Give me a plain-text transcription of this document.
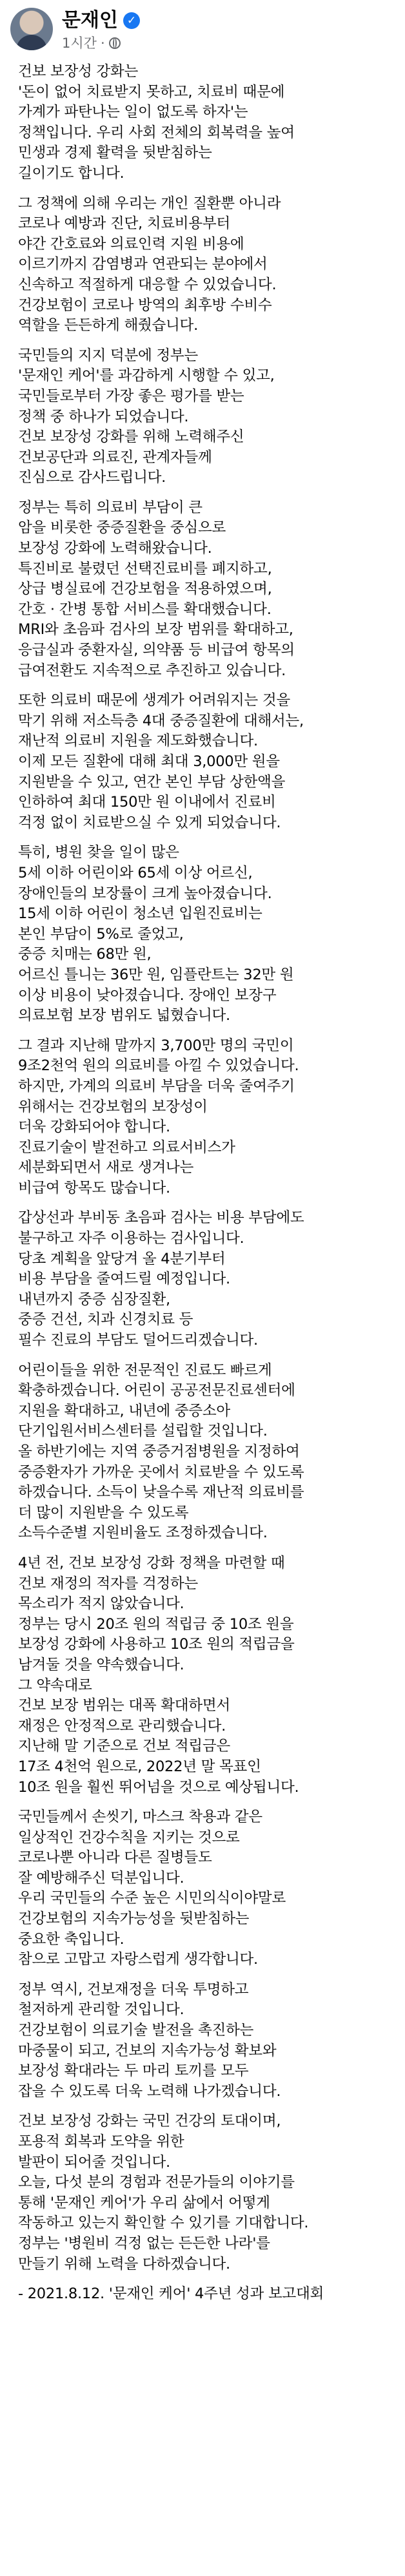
문재인 ✓
1시간 ·
건보 보장성 강화는
'돈이 없어 치료받지 못하고, 치료비 때문에
가계가 파탄나는 일이 없도록 하자'는
정책입니다. 우리 사회 전체의 회복력을 높여
민생과 경제 활력을 뒷받침하는
길이기도 합니다.
그 정책에 의해 우리는 개인 질환뿐 아니라
코로나 예방과 진단, 치료비용부터
야간 간호료와 의료인력 지원 비용에
이르기까지 감염병과 연관되는 분야에서
신속하고 적절하게 대응할 수 있었습니다.
건강보험이 코로나 방역의 최후방 수비수
역할을 든든하게 해줬습니다.
국민들의 지지 덕분에 정부는
'문재인 케어'를 과감하게 시행할 수 있고,
국민들로부터 가장 좋은 평가를 받는
정책 중 하나가 되었습니다.
건보 보장성 강화를 위해 노력해주신
건보공단과 의료진, 관계자들께
진심으로 감사드립니다.
정부는 특히 의료비 부담이 큰
암을 비롯한 중증질환을 중심으로
보장성 강화에 노력해왔습니다.
특진비로 불렸던 선택진료비를 폐지하고,
상급 병실료에 건강보험을 적용하였으며,
간호 · 간병 통합 서비스를 확대했습니다.
MRI와 초음파 검사의 보장 범위를 확대하고,
응급실과 중환자실, 의약품 등 비급여 항목의
급여전환도 지속적으로 추진하고 있습니다.
또한 의료비 때문에 생계가 어려워지는 것을
막기 위해 저소득층 4대 중증질환에 대해서는,
재난적 의료비 지원을 제도화했습니다.
이제 모든 질환에 대해 최대 3,000만 원을
지원받을 수 있고, 연간 본인 부담 상한액을
인하하여 최대 150만 원 이내에서 진료비
걱정 없이 치료받으실 수 있게 되었습니다.
특히, 병원 찾을 일이 많은
5세 이하 어린이와 65세 이상 어르신,
장애인들의 보장률이 크게 높아졌습니다.
15세 이하 어린이 청소년 입원진료비는
본인 부담이 5%로 줄었고,
중증 치매는 68만 원,
어르신 틀니는 36만 원, 임플란트는 32만 원
이상 비용이 낮아졌습니다. 장애인 보장구
의료보험 보장 범위도 넓혔습니다.
그 결과 지난해 말까지 3,700만 명의 국민이
9조2천억 원의 의료비를 아낄 수 있었습니다.
하지만, 가계의 의료비 부담을 더욱 줄여주기
위해서는 건강보험의 보장성이
더욱 강화되어야 합니다.
진료기술이 발전하고 의료서비스가
세분화되면서 새로 생겨나는
비급여 항목도 많습니다.
갑상선과 부비동 초음파 검사는 비용 부담에도
불구하고 자주 이용하는 검사입니다.
당초 계획을 앞당겨 올 4분기부터
비용 부담을 줄여드릴 예정입니다.
내년까지 중증 심장질환,
중증 건선, 치과 신경치료 등
필수 진료의 부담도 덜어드리겠습니다.
어린이들을 위한 전문적인 진료도 빠르게
확충하겠습니다. 어린이 공공전문진료센터에
지원을 확대하고, 내년에 중증소아
단기입원서비스센터를 설립할 것입니다.
올 하반기에는 지역 중증거점병원을 지정하여
중증환자가 가까운 곳에서 치료받을 수 있도록
하겠습니다. 소득이 낮을수록 재난적 의료비를
더 많이 지원받을 수 있도록
소득수준별 지원비율도 조정하겠습니다.
4년 전, 건보 보장성 강화 정책을 마련할 때
건보 재정의 적자를 걱정하는
목소리가 적지 않았습니다.
정부는 당시 20조 원의 적립금 중 10조 원을
보장성 강화에 사용하고 10조 원의 적립금을
남겨둘 것을 약속했습니다.
그 약속대로
건보 보장 범위는 대폭 확대하면서
재정은 안정적으로 관리했습니다.
지난해 말 기준으로 건보 적립금은
17조 4천억 원으로, 2022년 말 목표인
10조 원을 훨씬 뛰어넘을 것으로 예상됩니다.
국민들께서 손씻기, 마스크 착용과 같은
일상적인 건강수칙을 지키는 것으로
코로나뿐 아니라 다른 질병들도
잘 예방해주신 덕분입니다.
우리 국민들의 수준 높은 시민의식이야말로
건강보험의 지속가능성을 뒷받침하는
중요한 축입니다.
참으로 고맙고 자랑스럽게 생각합니다.
정부 역시, 건보재정을 더욱 투명하고
철저하게 관리할 것입니다.
건강보험이 의료기술 발전을 촉진하는
마중물이 되고, 건보의 지속가능성 확보와
보장성 확대라는 두 마리 토끼를 모두
잡을 수 있도록 더욱 노력해 나가겠습니다.
건보 보장성 강화는 국민 건강의 토대이며,
포용적 회복과 도약을 위한
발판이 되어줄 것입니다.
오늘, 다섯 분의 경험과 전문가들의 이야기를
통해 '문재인 케어'가 우리 삶에서 어떻게
작동하고 있는지 확인할 수 있기를 기대합니다.
정부는 '병원비 걱정 없는 든든한 나라'를
만들기 위해 노력을 다하겠습니다.
- 2021.8.12. '문재인 케어' 4주년 성과 보고대회
